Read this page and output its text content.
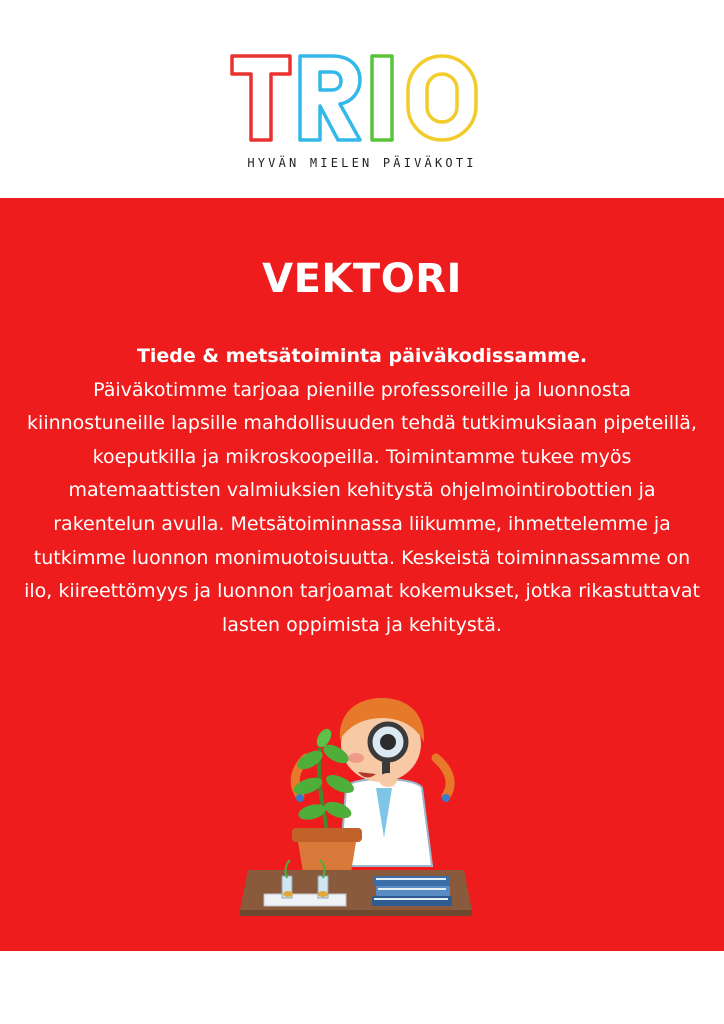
HYVÄN MIELEN PÄIVÄKOTI
VEKTORI
Tiede & metsätoiminta päiväkodissamme.
Päiväkotimme tarjoaa pienille professoreille ja luonnosta kiinnostuneille lapsille mahdollisuuden tehdä tutkimuksiaan pipeteillä, koeputkilla ja mikroskoopeilla. Toimintamme tukee myös matemaattisten valmiuksien kehitystä ohjelmointirobottien ja rakentelun avulla. Metsätoiminnassa liikumme, ihmettelemme ja tutkimme luonnon monimuotoisuutta. Keskeistä toiminnassamme on ilo, kiireettömyys ja luonnon tarjoamat kokemukset, jotka rikastuttavat lasten oppimista ja kehitystä.
